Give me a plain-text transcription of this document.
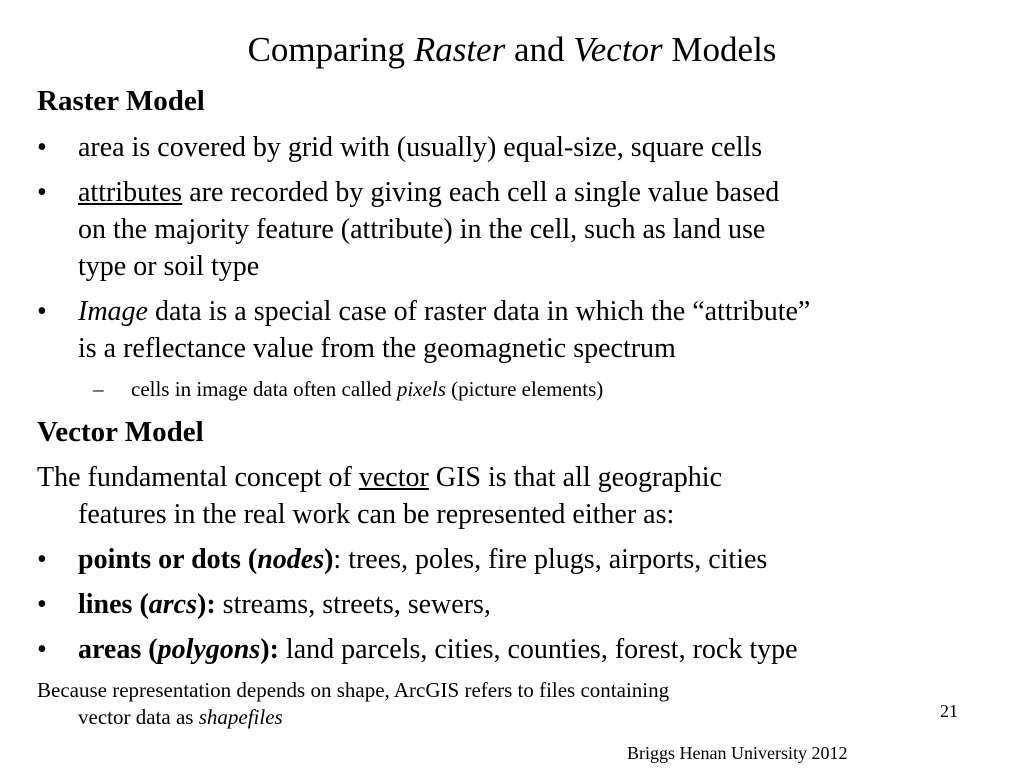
Comparing Raster and Vector Models
Raster Model
• area is covered by grid with (usually) equal-size, square cells
• attributes are recorded by giving each cell a single value based
on the majority feature (attribute) in the cell, such as land use
type or soil type
• Image data is a special case of raster data in which the “attribute”
is a reflectance value from the geomagnetic spectrum
– cells in image data often called pixels (picture elements)
Vector Model
The fundamental concept of vector GIS is that all geographic
features in the real work can be represented either as:
• points or dots (nodes): trees, poles, fire plugs, airports, cities
• lines (arcs): streams, streets, sewers,
• areas (polygons): land parcels, cities, counties, forest, rock type
Because representation depends on shape, ArcGIS refers to files containing
vector data as shapefiles	21
Briggs Henan University 2012
